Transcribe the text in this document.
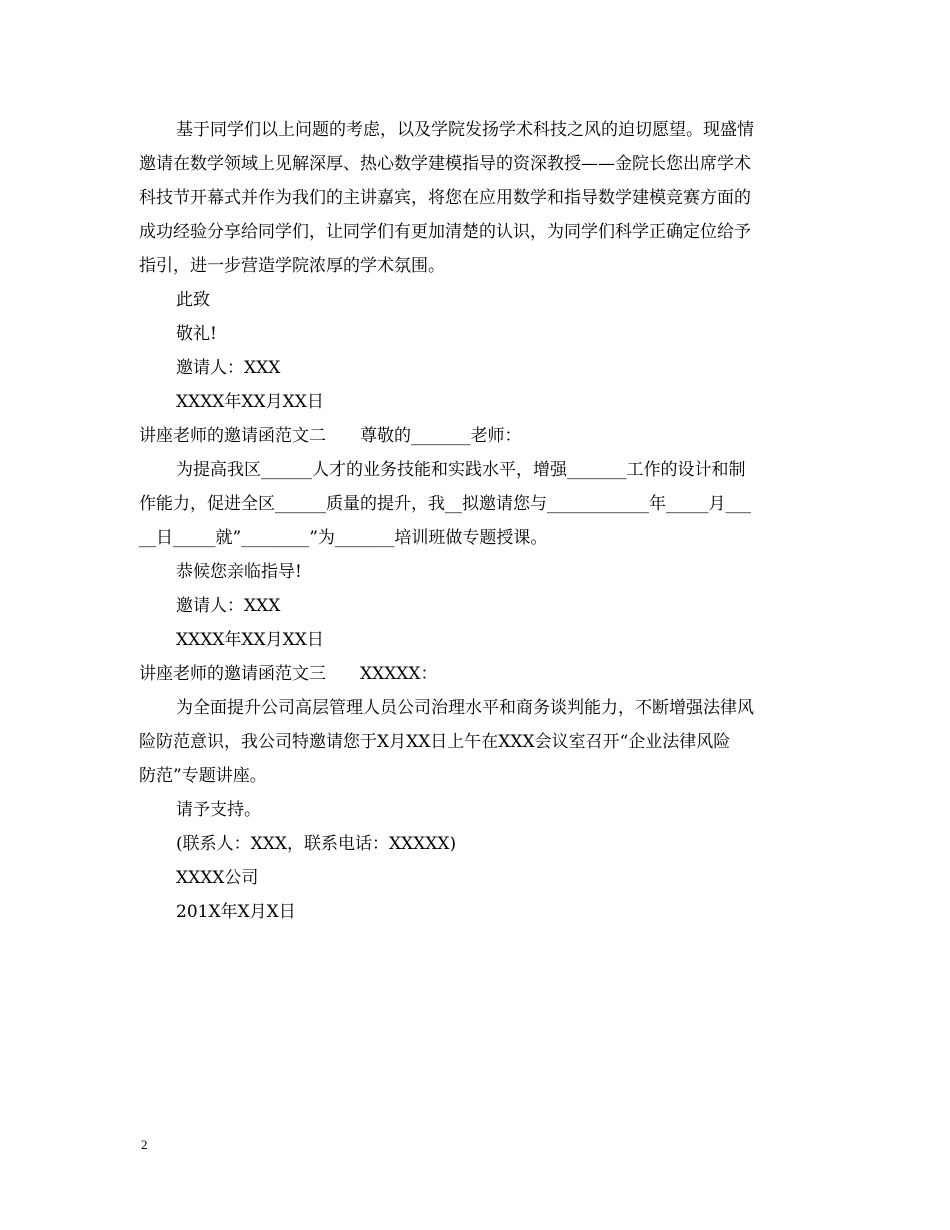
基于同学们以上问题的考虑，以及学院发扬学术科技之风的迫切愿望。现盛情
邀请在数学领域上见解深厚、热心数学建模指导的资深教授——金院长您出席学术
科技节开幕式并作为我们的主讲嘉宾，将您在应用数学和指导数学建模竞赛方面的
成功经验分享给同学们，让同学们有更加清楚的认识，为同学们科学正确定位给予
指引，进一步营造学院浓厚的学术氛围。
此致
敬礼!
邀请人：XXX
XXXX年XX月XX日
讲座老师的邀请函范文二　　尊敬的_______老师：
为提高我区______人才的业务技能和实践水平，增强_______工作的设计和制
作能力，促进全区______质量的提升，我__拟邀请您与____________年_____月___
__日_____就”________”为_______培训班做专题授课。
恭候您亲临指导!
邀请人：XXX
XXXX年XX月XX日
讲座老师的邀请函范文三　　XXXXX：
为全面提升公司高层管理人员公司治理水平和商务谈判能力，不断增强法律风
险防范意识，我公司特邀请您于X月XX日上午在XXX会议室召开“企业法律风险
防范”专题讲座。
请予支持。
(联系人：XXX，联系电话：XXXXX)
XXXX公司
201X年X月X日
2
